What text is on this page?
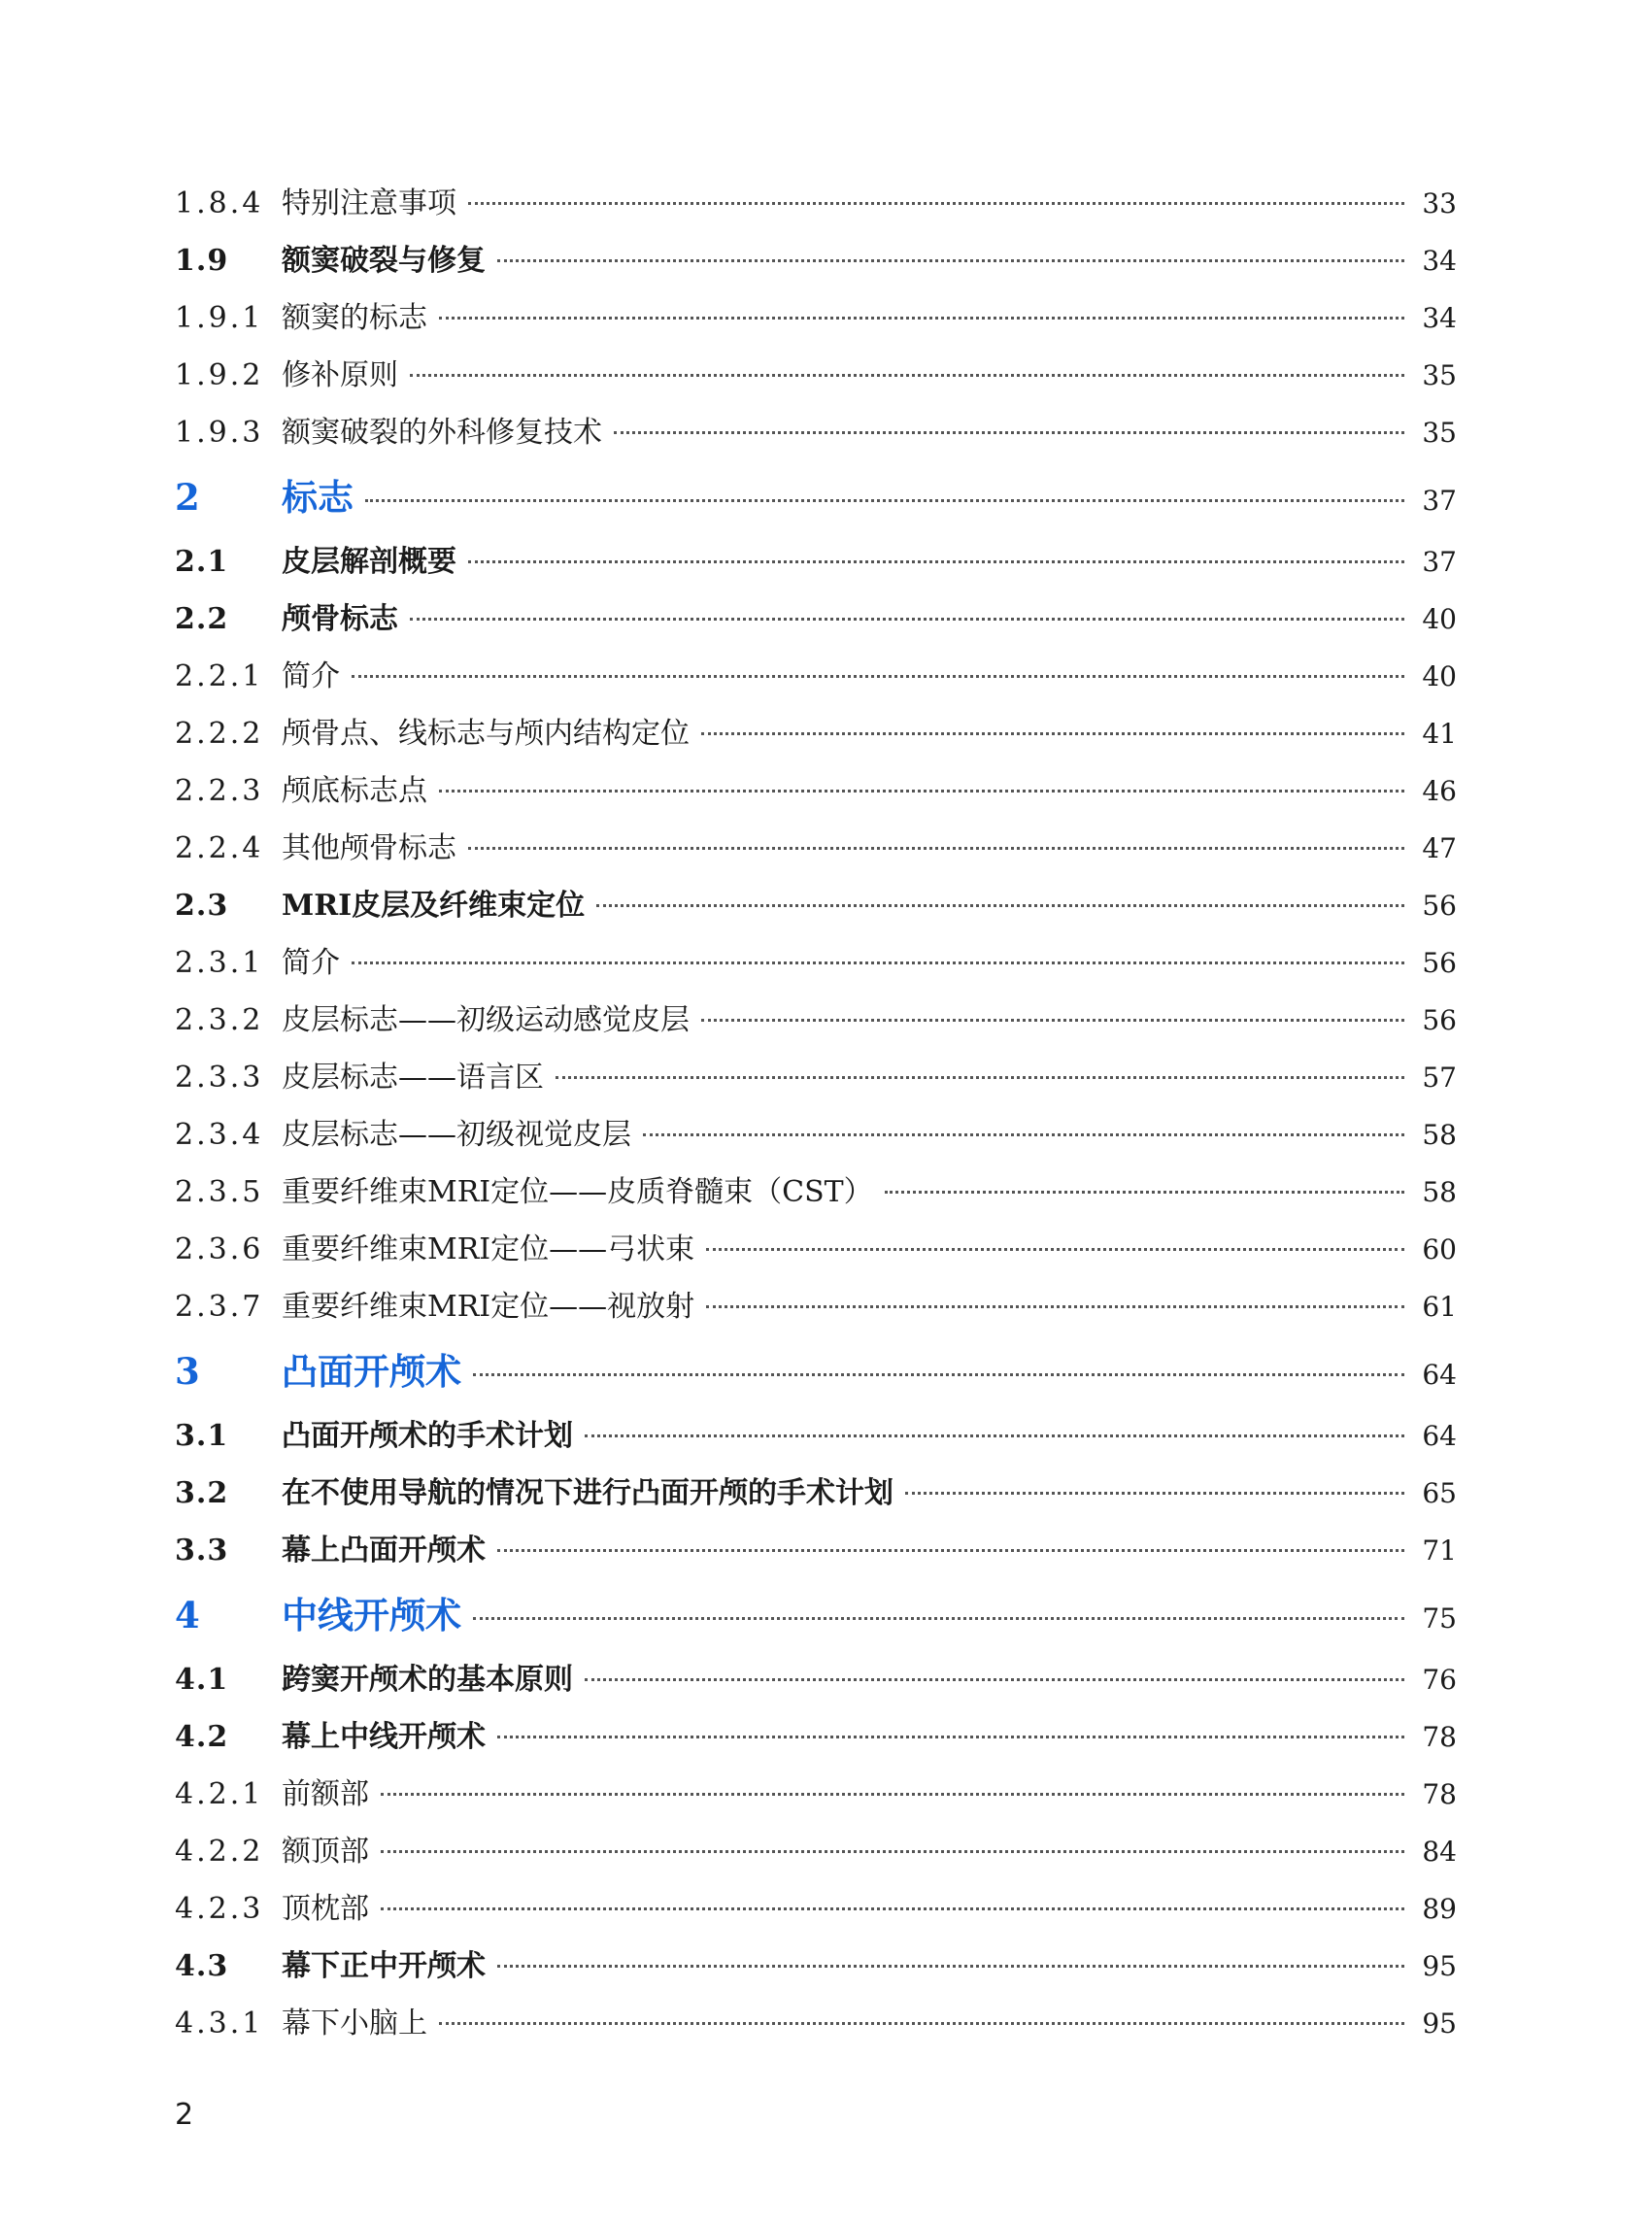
1.8.4 特别注意事项	33
1.9	额窦破裂与修复	34
1.9.1 额窦的标志	34
1.9.2 修补原则	35
1.9.3 额窦破裂的外科修复技术	35
2	标志	37
2.1	皮层解剖概要	37
2.2	颅骨标志	40
2.2.1 简介	40
2.2.2 颅骨点、线标志与颅内结构定位	41
2.2.3 颅底标志点	46
2.2.4 其他颅骨标志	47
2.3	MRI皮层及纤维束定位	56
2.3.1 简介	56
2.3.2 皮层标志——初级运动感觉皮层	56
2.3.3 皮层标志——语言区	57
2.3.4 皮层标志——初级视觉皮层	58
2.3.5 重要纤维束MRI定位——皮质脊髓束（CST）	58
2.3.6 重要纤维束MRI定位——弓状束	60
2.3.7 重要纤维束MRI定位——视放射	61
3	凸面开颅术	64
3.1	凸面开颅术的手术计划	64
3.2	在不使用导航的情况下进行凸面开颅的手术计划	65
3.3	幕上凸面开颅术	71
4	中线开颅术	75
4.1	跨窦开颅术的基本原则	76
4.2	幕上中线开颅术	78
4.2.1 前额部	78
4.2.2 额顶部	84
4.2.3 顶枕部	89
4.3	幕下正中开颅术	95
4.3.1 幕下小脑上	95
2
